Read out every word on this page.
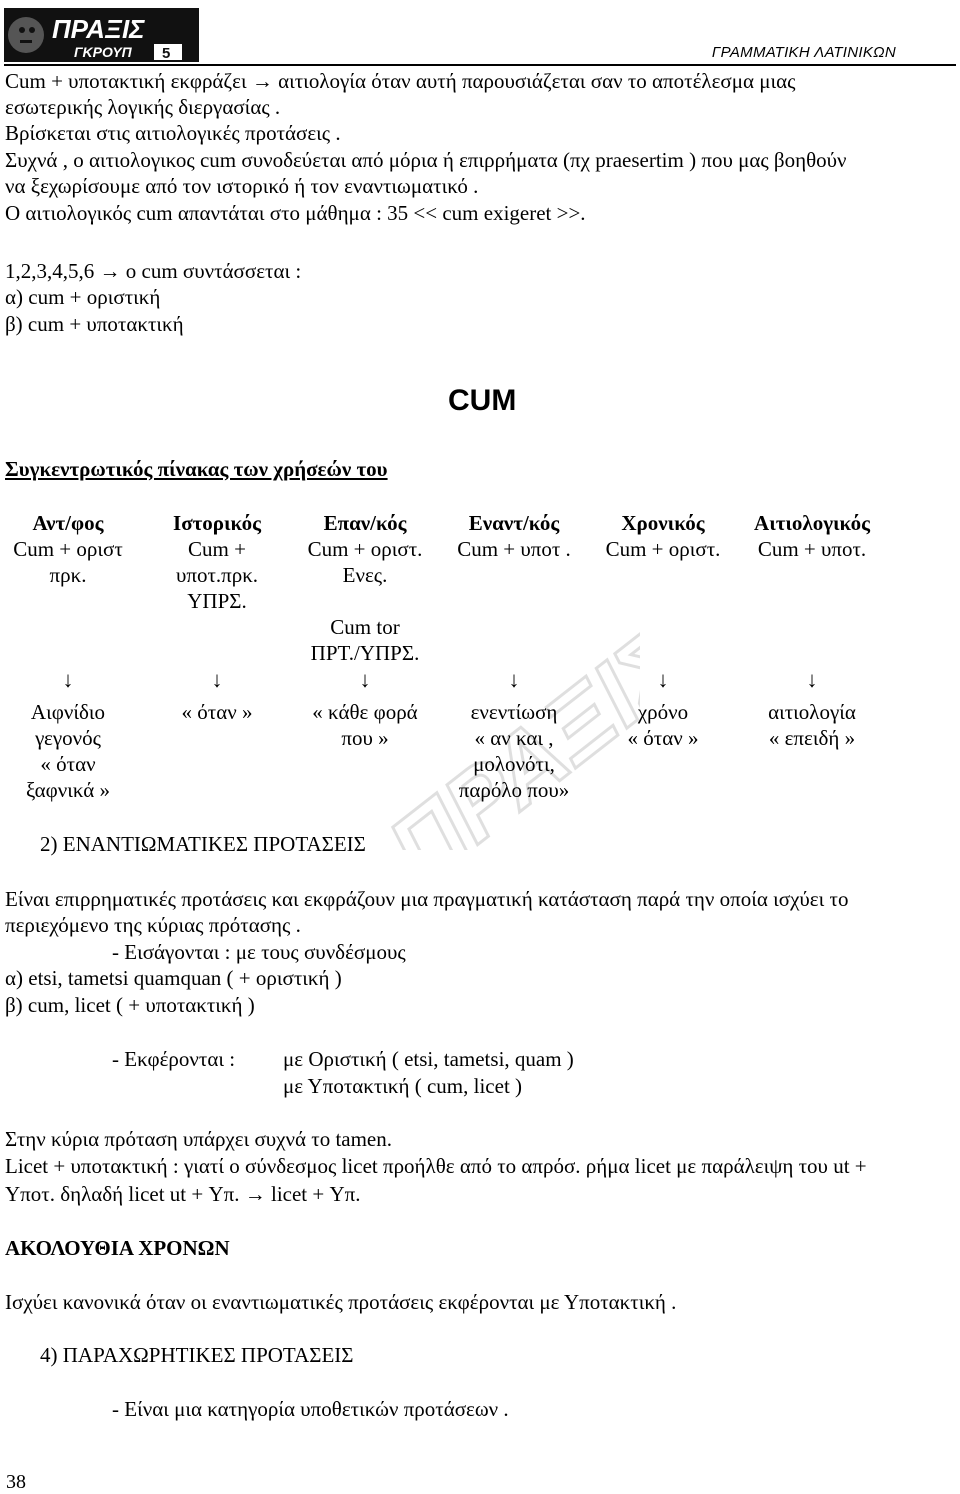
ΠΡΑΞΙΣ
ΓΚΡΟΥΠ 5	ΓΡΑΜΜΑΤΙΚΗ ΛΑΤΙΝΙΚΩΝ
Cum + υποτακτική εκφράζει → αιτιολογία όταν αυτή παρουσιάζεται σαν το αποτέλεσμα μιας
εσωτερικής λογικής διεργασίας .
Βρίσκεται στις αιτιολογικές προτάσεις .
Συχνά , ο αιτιολογικος cum συνοδεύεται από μόρια ή επιρρήματα (πχ praesertim ) που μας βοηθούν
να ξεχωρίσουμε από τον ιστορικό ή τον εναντιωματικό .
Ο αιτιολογικός cum απαντάται στο μάθημα : 35 << cum exigeret >>.
1,2,3,4,5,6 → ο cum συντάσσεται :
α) cum + οριστική
β) cum + υποτακτική
CUM
Συγκεντρωτικός πίνακας των χρήσεών του
ΠΡΑΞΙΣ
Αντ/φος
Cum + οριστ
πρκ.
↓
Αιφνίδιο
γεγονός
« όταν
ξαφνικά »
Ιστορικός
Cum +
υποτ.πρκ.
ΥΠΡΣ.
↓
« όταν »
Επαν/κός
Cum + οριστ.
Ενες.
Cum tor
ΠΡΤ./ΥΠΡΣ.
↓
« κάθε φορά
που »
Εναντ/κός
Cum + υποτ .
↓
ενεντίωση
« αν και ,
μολονότι,
παρόλο που»
Χρονικός
Cum + οριστ.
↓
χρόνο
« όταν »
Αιτιολογικός
Cum + υποτ.
↓
αιτιολογία
« επειδή »
2) ΕΝΑΝΤΙΩΜΑΤΙΚΕΣ ΠΡΟΤΑΣΕΙΣ
Είναι επιρρηματικές προτάσεις και εκφράζουν μια πραγματική κατάσταση παρά την οποία ισχύει το
περιεχόμενο της κύριας πρότασης .
- Εισάγονται : με τους συνδέσμους
α) etsi, tametsi quamquan ( + οριστική )
β) cum, licet ( + υποτακτική )
- Εκφέρονται : με Οριστική ( etsi, tametsi, quam )
με Υποτακτική ( cum, licet )
Στην κύρια πρόταση υπάρχει συχνά το tamen.
Licet + υποτακτική : γιατί ο σύνδεσμος licet προήλθε από το απρόσ. ρήμα licet με παράλειψη του ut +
Υποτ. δηλαδή licet ut + Υπ. → licet + Υπ.
ΑΚΟΛΟΥΘΙΑ ΧΡΟΝΩΝ
Ισχύει κανονικά όταν οι εναντιωματικές προτάσεις εκφέρονται με Υποτακτική .
4) ΠΑΡΑΧΩΡΗΤΙΚΕΣ ΠΡΟΤΑΣΕΙΣ
- Είναι μια κατηγορία υποθετικών προτάσεων .
38
